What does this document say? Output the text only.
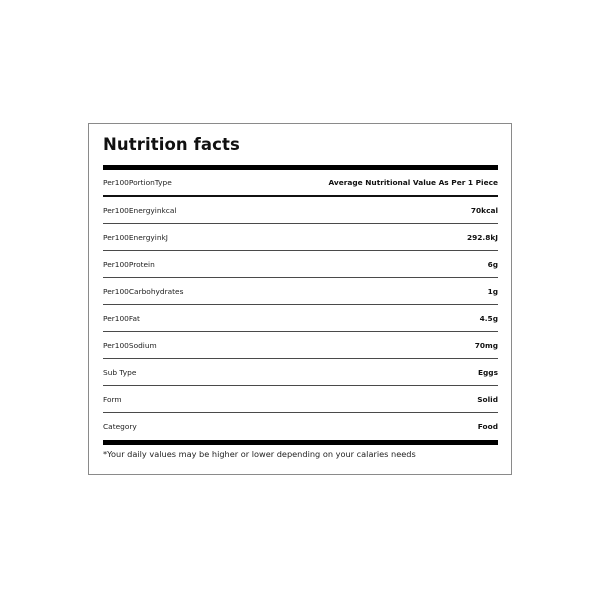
Nutrition facts
Per100PortionType	Average Nutritional Value As Per 1 Piece
Per100Energyinkcal	70kcal
Per100EnergyinkJ	292.8kJ
Per100Protein	6g
Per100Carbohydrates	1g
Per100Fat	4.5g
Per100Sodium	70mg
Sub Type	Eggs
Form	Solid
Category	Food
*Your daily values may be higher or lower depending on your calaries needs
